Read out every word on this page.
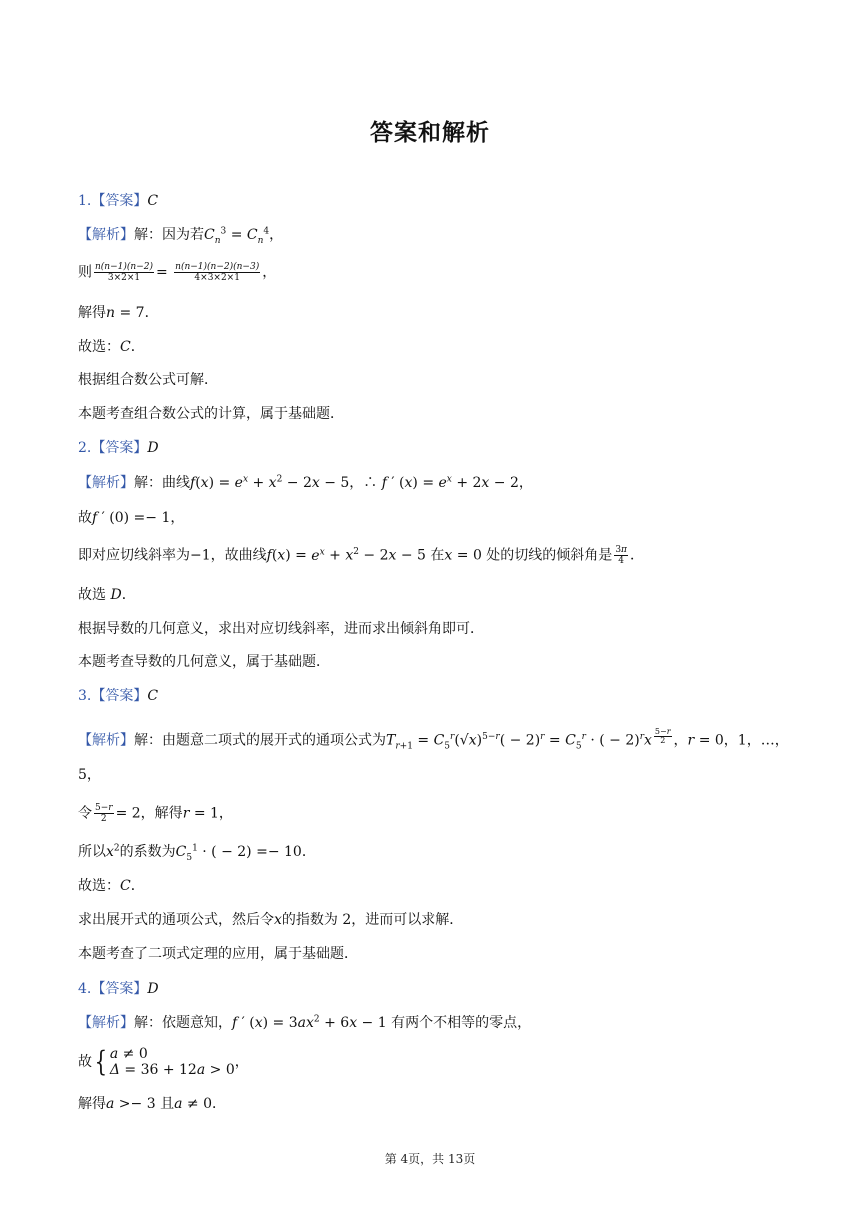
答案和解析
1.【答案】C
【解析】解：因为若$C_n^3 = C_n^4$，
则 $\frac{n(n-1)(n-2)}{3\times 2\times 1} = \frac{n(n-1)(n-2)(n-3)}{4\times 3\times 2\times 1}$ ，
解得n = 7．
故选：C．
根据组合数公式可解．
本题考查组合数公式的计算，属于基础题．
2.【答案】D
【解析】解：曲线$f(x) = e^x + x^2 - 2x - 5$，∴ f ′ $(x) = e^x + 2x - 2$，
故f ′ (0) =− 1，
即对应切线斜率为−1，故曲线$f(x) = e^x + x^2 - 2x - 5$ 在x = 0 处的切线的倾斜角是 $\frac{3\pi}{4}$ ．
故选 D．
根据导数的几何意义，求出对应切线斜率，进而求出倾斜角即可．
本题考查导数的几何意义，属于基础题．
3.【答案】C
【解析】解：由题意二项式的展开式的通项公式为$T_{r+1} = C_5^r(√x)^{5-r}( - 2)^r = C_5^r$ · ( − 2)$^r$x $^{\frac{5-r}{2}}$ ，r = 0，1，…，
5，
令 $\frac{5-r}{2} = 2$，解得r = 1，
所以$x^2$的系数为$C_5^1$ · ( − 2) =− 10．
故选：C．
求出展开式的通项公式，然后令x的指数为 2，进而可以求解．
本题考查了二项式定理的应用，属于基础题．
4.【答案】D
【解析】解：依题意知，f ′ $(x) = 3ax^2 + 6x - 1$ 有两个不相等的零点，
故{ a ≠ 0
Δ = 36 + 12a > 0，
解得a >− 3 且a ≠ 0．
第 4页，共 13页
